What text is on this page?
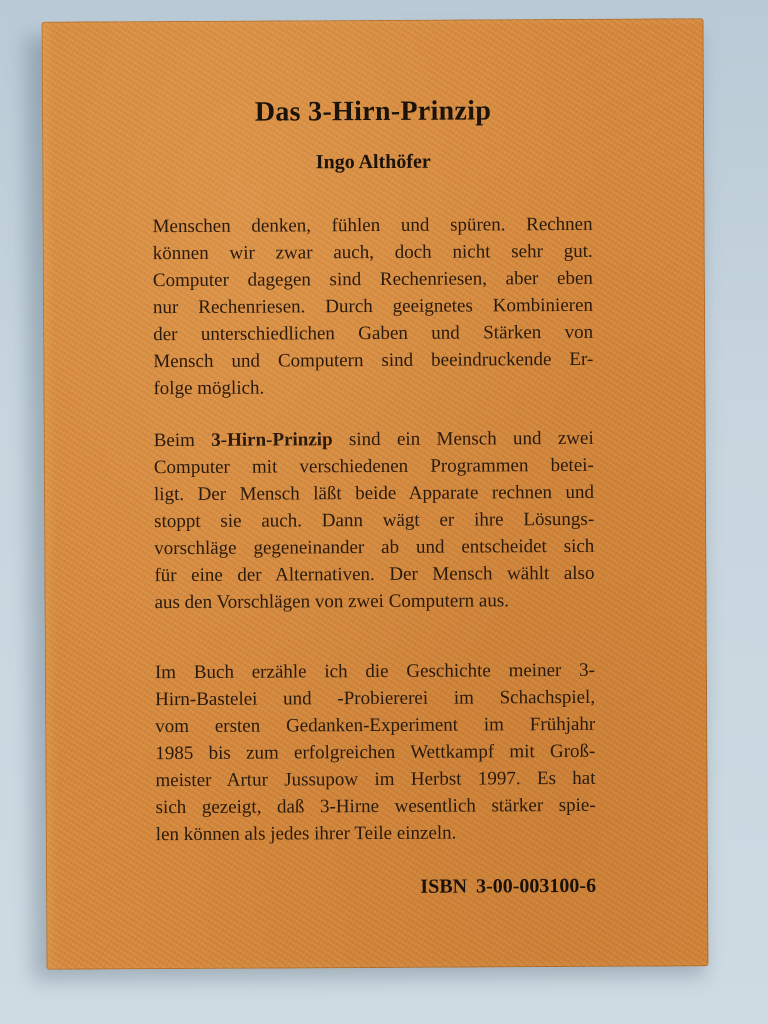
Das 3-Hirn-Prinzip
Ingo Althöfer
Menschen denken, fühlen und spüren. Rechnen
können wir zwar auch, doch nicht sehr gut.
Computer dagegen sind Rechenriesen, aber eben
nur Rechenriesen. Durch geeignetes Kombinieren
der unterschiedlichen Gaben und Stärken von
Mensch und Computern sind beeindruckende Er-
folge möglich.
Beim 3-Hirn-Prinzip sind ein Mensch und zwei
Computer mit verschiedenen Programmen betei-
ligt. Der Mensch läßt beide Apparate rechnen und
stoppt sie auch. Dann wägt er ihre Lösungs-
vorschläge gegeneinander ab und entscheidet sich
für eine der Alternativen. Der Mensch wählt also
aus den Vorschlägen von zwei Computern aus.
Im Buch erzähle ich die Geschichte meiner 3-
Hirn-Bastelei und -Probiererei im Schachspiel,
vom ersten Gedanken-Experiment im Frühjahr
1985 bis zum erfolgreichen Wettkampf mit Groß-
meister Artur Jussupow im Herbst 1997. Es hat
sich gezeigt, daß 3-Hirne wesentlich stärker spie-
len können als jedes ihrer Teile einzeln.
ISBN 3-00-003100-6
